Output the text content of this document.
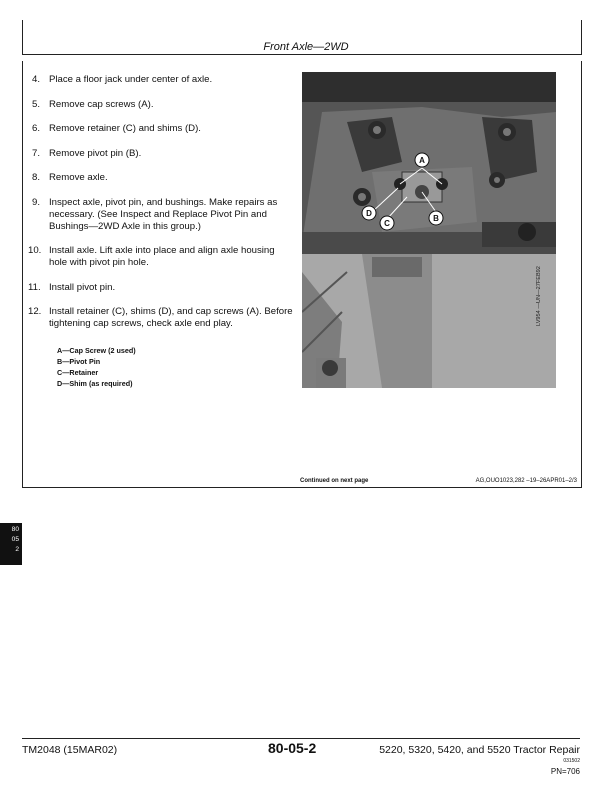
Front Axle—2WD
4. Place a floor jack under center of axle.
5. Remove cap screws (A).
6. Remove retainer (C) and shims (D).
7. Remove pivot pin (B).
8. Remove axle.
9. Inspect axle, pivot pin, and bushings. Make repairs as necessary. (See Inspect and Replace Pivot Pin and Bushings—2WD Axle in this group.)
10. Install axle. Lift axle into place and align axle housing hole with pivot pin hole.
11. Install pivot pin.
12. Install retainer (C), shims (D), and cap screws (A). Before tightening cap screws, check axle end play.
A—Cap Screw (2 used)
B—Pivot Pin
C—Retainer
D—Shim (as required)
A
B
C
D
LV954 —UN—27FEB92
Continued on next page	AG,OUO1023,282 –19–26APR01–2/3
80
05
2
TM2048 (15MAR02)	80-05-2	5220, 5320, 5420, and 5520 Tractor Repair
031502
PN=706
